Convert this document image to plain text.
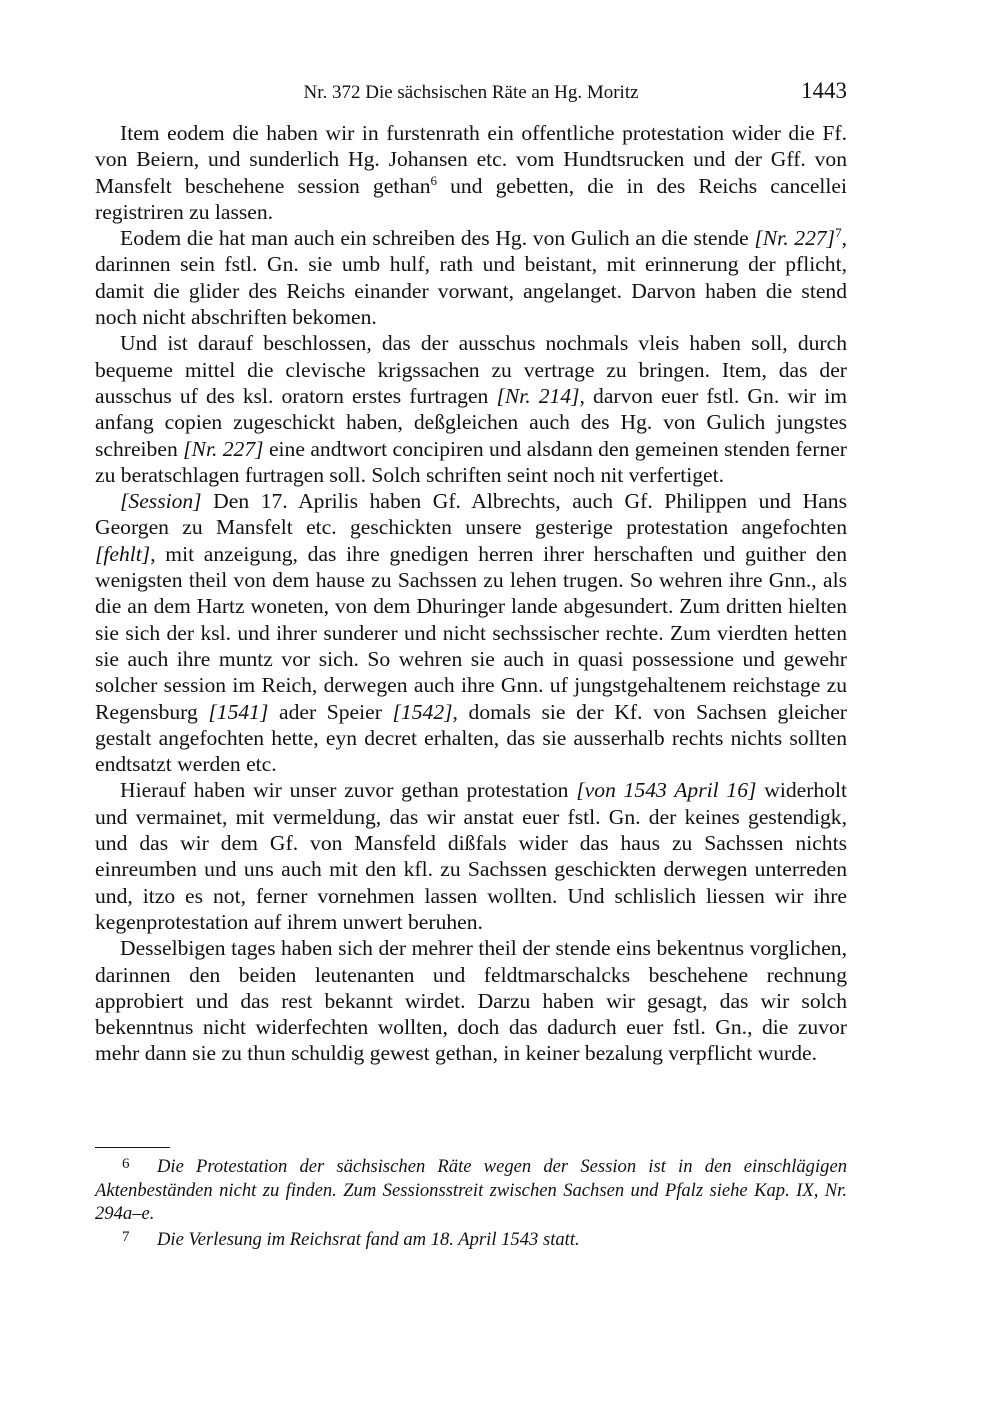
Nr. 372 Die sächsischen Räte an Hg. Moritz	1443

Item eodem die haben wir in furstenrath ein offentliche protestation wider die Ff. von Beiern, und sunderlich Hg. Johansen etc. vom Hundtsrucken und der Gff. von Mansfelt beschehene session gethan$^6$ und gebetten, die in des Reichs cancellei registriren zu lassen.

Eodem die hat man auch ein schreiben des Hg. von Gulich an die stende [Nr. 227]$^7$, darinnen sein fstl. Gn. sie umb hulf, rath und beistant, mit erinnerung der pflicht, damit die glider des Reichs einander vorwant, angelanget. Darvon haben die stend noch nicht abschriften bekomen.

Und ist darauf beschlossen, das der ausschus nochmals vleis haben soll, durch bequeme mittel die clevische krigssachen zu vertrage zu bringen. Item, das der ausschus uf des ksl. oratorn erstes furtragen [Nr. 214], darvon euer fstl. Gn. wir im anfang copien zugeschickt haben, deßgleichen auch des Hg. von Gulich jungstes schreiben [Nr. 227] eine andtwort concipiren und alsdann den gemeinen stenden ferner zu beratschlagen furtragen soll. Solch schriften seint noch nit verfertiget.

[Session] Den 17. Aprilis haben Gf. Albrechts, auch Gf. Philippen und Hans Georgen zu Mansfelt etc. geschickten unsere gesterige protestation angefochten [fehlt], mit anzeigung, das ihre gnedigen herren ihrer herschaften und guither den wenigsten theil von dem hause zu Sachssen zu lehen trugen. So wehren ihre Gnn., als die an dem Hartz woneten, von dem Dhuringer lande abgesundert. Zum dritten hielten sie sich der ksl. und ihrer sunderer und nicht sechssischer rechte. Zum vierdten hetten sie auch ihre muntz vor sich. So wehren sie auch in quasi possessione und gewehr solcher session im Reich, derwegen auch ihre Gnn. uf jungstgehaltenem reichstage zu Regensburg [1541] ader Speier [1542], domals sie der Kf. von Sachsen gleicher gestalt angefochten hette, eyn decret erhalten, das sie ausserhalb rechts nichts sollten endtsatzt werden etc.

Hierauf haben wir unser zuvor gethan protestation [von 1543 April 16] widerholt und vermainet, mit vermeldung, das wir anstat euer fstl. Gn. der keines gestendigk, und das wir dem Gf. von Mansfeld dißfals wider das haus zu Sachssen nichts einreumben und uns auch mit den kfl. zu Sachssen geschickten derwegen unterreden und, itzo es not, ferner vornehmen lassen wollten. Und schlislich liessen wir ihre kegenprotestation auf ihrem unwert beruhen.

Desselbigen tages haben sich der mehrer theil der stende eins bekentnus vorglichen, darinnen den beiden leutenanten und feldtmarschalcks beschehene rechnung approbiert und das rest bekannt wirdet. Darzu haben wir gesagt, das wir solch bekenntnus nicht widerfechten wollten, doch das dadurch euer fstl. Gn., die zuvor mehr dann sie zu thun schuldig gewest gethan, in keiner bezalung verpflicht wurde.

6 Die Protestation der sächsischen Räte wegen der Session ist in den einschlägigen Aktenbeständen nicht zu finden. Zum Sessionsstreit zwischen Sachsen und Pfalz siehe Kap. IX, Nr. 294a–e.

7 Die Verlesung im Reichsrat fand am 18. April 1543 statt.
